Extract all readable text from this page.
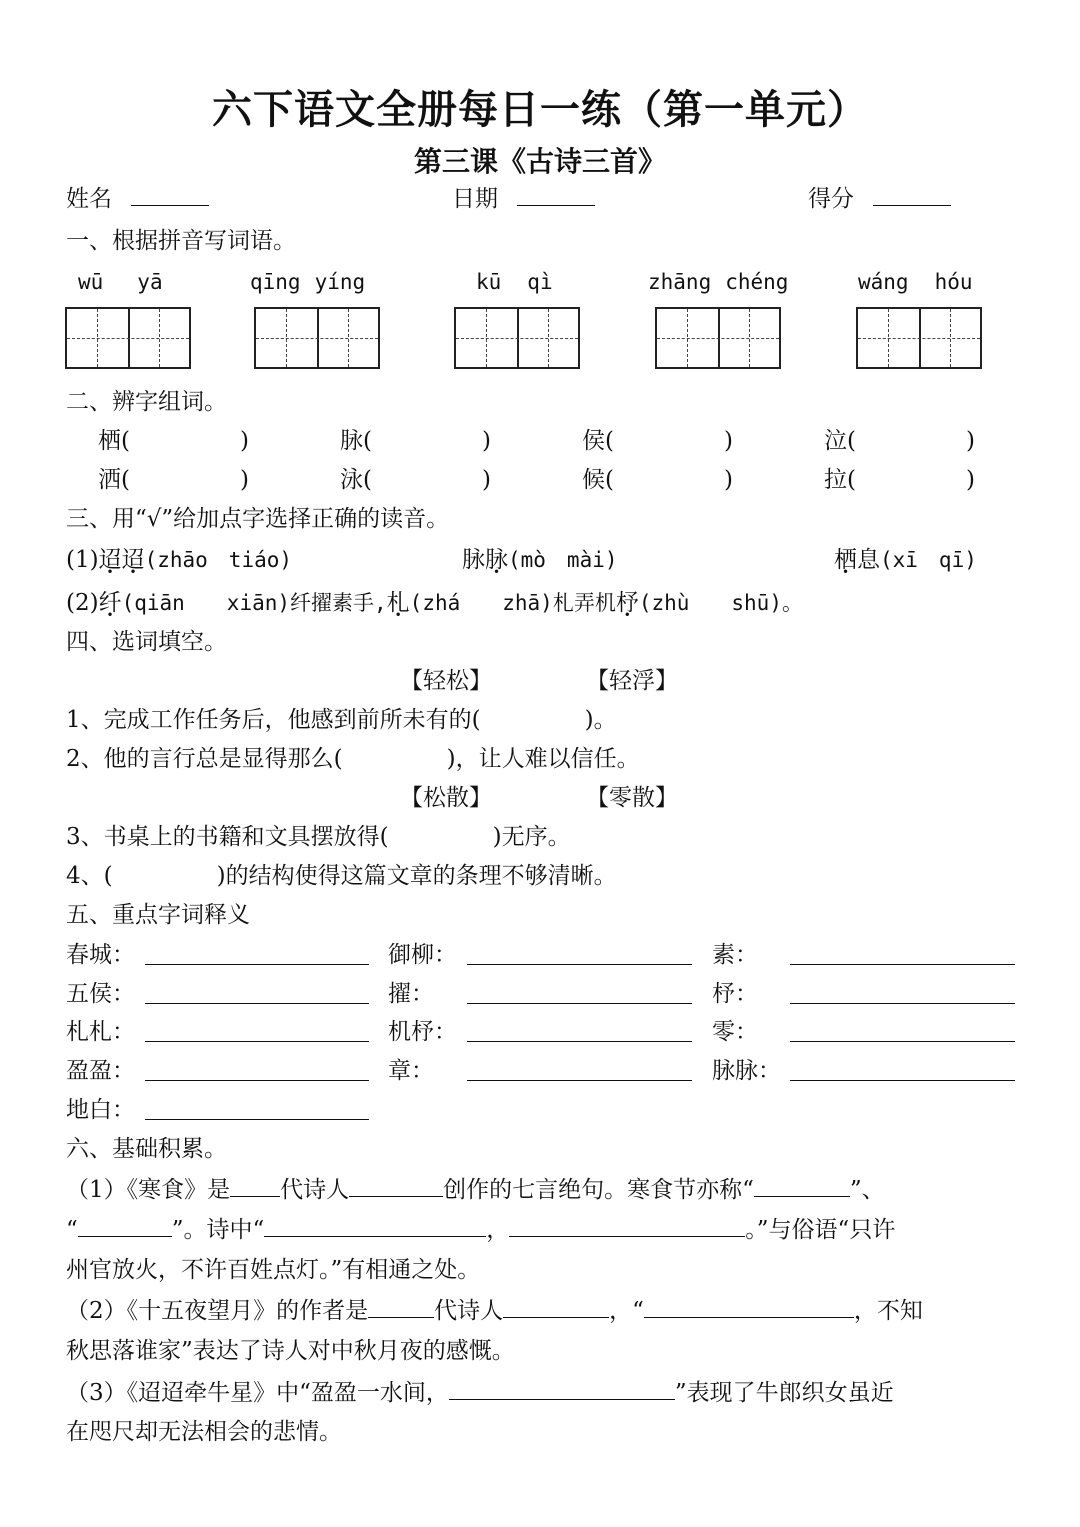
六下语文全册每日一练（第一单元）
第三课《古诗三首》
姓名	日期	得分
一、根据拼音写词语。
wū yā	qīng yíng	kū qì	zhāng chéng	wáng hóu
二、辨字组词。
栖(	)	脉(	)	侯(	)	泣(	)
洒(	)	泳(	)	候(	)	拉(	)
三、用“√”给加点字选择正确的读音。
(1)迢迢(zhāo　tiáo)	脉脉(mò　mài)	栖息(xī　qī)
(2)纤(qiān　　xiān)纤擢素手,札(zhá　　zhā)札弄机杼(zhù　　shū)。
四、选词填空。
【轻松】	【轻浮】
1、完成工作任务后，他感到前所未有的(	)。
2、他的言行总是显得那么(	)，让人难以信任。
【松散】	【零散】
3、书桌上的书籍和文具摆放得(	)无序。
4、(	)的结构使得这篇文章的条理不够清晰。
五、重点字词释义
春城：	御柳：	素：
五侯：	擢：	杼：
札札：	机杼：	零：
盈盈：	章：	脉脉：
地白：
六、基础积累。
（1）《寒食》是 代诗人	创作的七言绝句。寒食节亦称“	”、
“	”。诗中“	，	。”与俗语“只许
州官放火，不许百姓点灯。”有相通之处。
（2）《十五夜望月》的作者是	代诗人	，“	，不知
秋思落谁家”表达了诗人对中秋月夜的感慨。
（3）《迢迢牵牛星》中“盈盈一水间，	”表现了牛郎织女虽近
在咫尺却无法相会的悲情。
